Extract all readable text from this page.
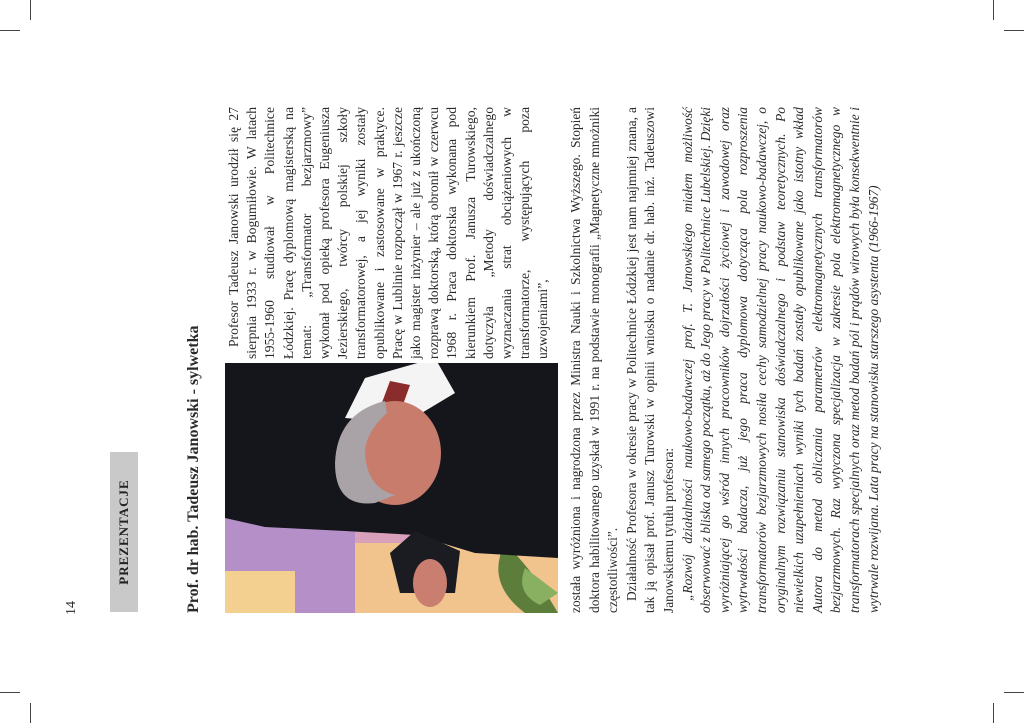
14
PREZENTACJE	Prof. dr hab. Tadeusz Janowski - sylwetka

Profesor Tadeusz Janowski urodził się 27 sierpnia 1933 r. w Bogumiłowie. W latach 1955-1960 studiował w Politechnice Łódzkiej. Pracę dyplomową magisterską na temat: „Transformator bezjarzmowy” wykonał pod opieką profesora Eugeniusza Jezierskiego, twórcy polskiej szkoły transformatorowej, a jej wyniki zostały opublikowane i zastosowane w praktyce. Pracę w Lublinie rozpoczął w 1967 r. jeszcze jako magister inżynier – ale już z ukończoną rozprawą doktorską, którą obronił w czerwcu 1968 r. Praca doktorska wykonana pod kierunkiem Prof. Janusza Turowskiego, dotyczyła „Metody doświadczalnego wyznaczania strat obciążeniowych w transformatorze, występujących poza uzwojeniami”, została wyróżniona i nagrodzona przez Ministra Nauki i Szkolnictwa Wyższego. Stopień doktora habilitowanego uzyskał w 1991 r. na podstawie monografii „Magnetyczne mnożniki częstotliwości”. Działalność Profesora w okresie pracy w Politechnice Łódzkiej jest nam najmniej znana, a tak ją opisał prof. Janusz Turowski w opinii wniosku o nadanie dr. hab. inż. Tadeuszowi Janowskiemu tytułu profesora: „Rozwój działalności naukowo-badawczej prof. T. Janowskiego miałem możliwość obserwować z bliska od samego początku, aż do Jego pracy w Politechnice Lubelskiej. Dzięki wyróżniającej go wśród innych pracowników dojrzałości życiowej i zawodowej oraz wytrwałości badacza, już jego praca dyplomowa dotycząca pola rozproszenia transformatorów bezjarzmowych nosiła cechy samodzielnej pracy naukowo-badawczej, o oryginalnym rozwiązaniu stanowiska doświadczalnego i podstaw teoretycznych. Po niewielkich uzupełnieniach wyniki tych badań zostały opublikowane jako istotny wkład Autora do metod obliczania parametrów elektromagnetycznych transformatorów bezjarzmowych. Raz wytyczona specjalizacja w zakresie pola elektromagnetycznego w transformatorach specjalnych oraz metod badań pól i prądów wirowych była konsekwentnie i wytrwale rozwijana. Lata pracy na stanowisku starszego asystenta (1966-1967)
